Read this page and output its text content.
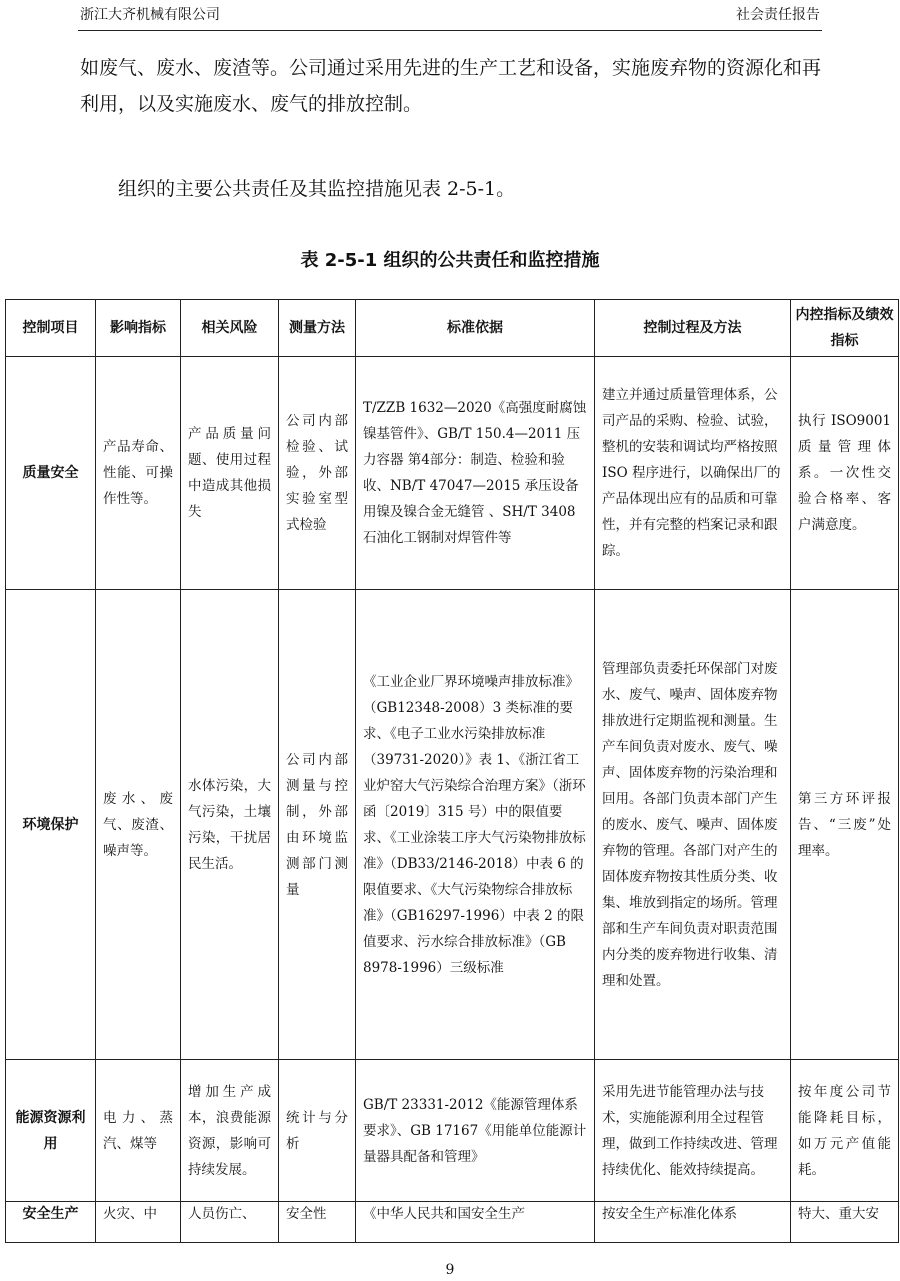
浙江大齐机械有限公司	社会责任报告
如废气、废水、废渣等。公司通过采用先进的生产工艺和设备，实施废弃物的资源化和再利用，以及实施废水、废气的排放控制。
组织的主要公共责任及其监控措施见表 2-5-1。
表 2-5-1 组织的公共责任和监控措施
控制项目	影响指标	相关风险	测量方法	标准依据	控制过程及方法	内控指标及绩效指标
质量安全	产品寿命、性能、可操作性等。	产品质量问题、使用过程中造成其他损失	公司内部检验、试验，外部实验室型式检验	T/ZZB 1632—2020《高强度耐腐蚀镍基管件》、GB/T 150.4—2011 压力容器 第4部分：制造、检验和验收、NB/T 47047—2015 承压设备用镍及镍合金无缝管 、SH/T 3408 石油化工钢制对焊管件等	建立并通过质量管理体系，公司产品的采购、检验、试验，整机的安装和调试均严格按照 ISO 程序进行，以确保出厂的产品体现出应有的品质和可靠性，并有完整的档案记录和跟踪。	执行 ISO9001 质量管理体系。一次性交验合格率、客户满意度。
环境保护	废水、废气、废渣、噪声等。	水体污染，大气污染，土壤污染，干扰居民生活。	公司内部测量与控制，外部由环境监测部门测量	《工业企业厂界环境噪声排放标准》（GB12348-2008）3 类标准的要求、《电子工业水污染排放标准（39731-2020）》表 1、《浙江省工业炉窑大气污染综合治理方案》（浙环函〔2019〕315 号）中的限值要求、《工业涂装工序大气污染物排放标准》（DB33/2146-2018）中表 6 的限值要求、《大气污染物综合排放标准》（GB16297-1996）中表 2 的限值要求、污水综合排放标准》（GB 8978-1996）三级标准	管理部负责委托环保部门对废水、废气、噪声、固体废弃物排放进行定期监视和测量。生产车间负责对废水、废气、噪声、固体废弃物的污染治理和回用。各部门负责本部门产生的废水、废气、噪声、固体废弃物的管理。各部门对产生的固体废弃物按其性质分类、收集、堆放到指定的场所。管理部和生产车间负责对职责范围内分类的废弃物进行收集、清理和处置。	第三方环评报告、“三废”处理率。
能源资源利用	电力、蒸汽、煤等	增加生产成本，浪费能源资源，影响可持续发展。	统计与分析	GB/T 23331-2012《能源管理体系要求》、GB 17167《用能单位能源计量器具配备和管理》	采用先进节能管理办法与技术，实施能源利用全过程管理，做到工作持续改进、管理持续优化、能效持续提高。	按年度公司节能降耗目标，如万元产值能耗。
安全生产	火灾、中	人员伤亡、	安全性	《中华人民共和国安全生产	按安全生产标准化体系	特大、重大安
9
